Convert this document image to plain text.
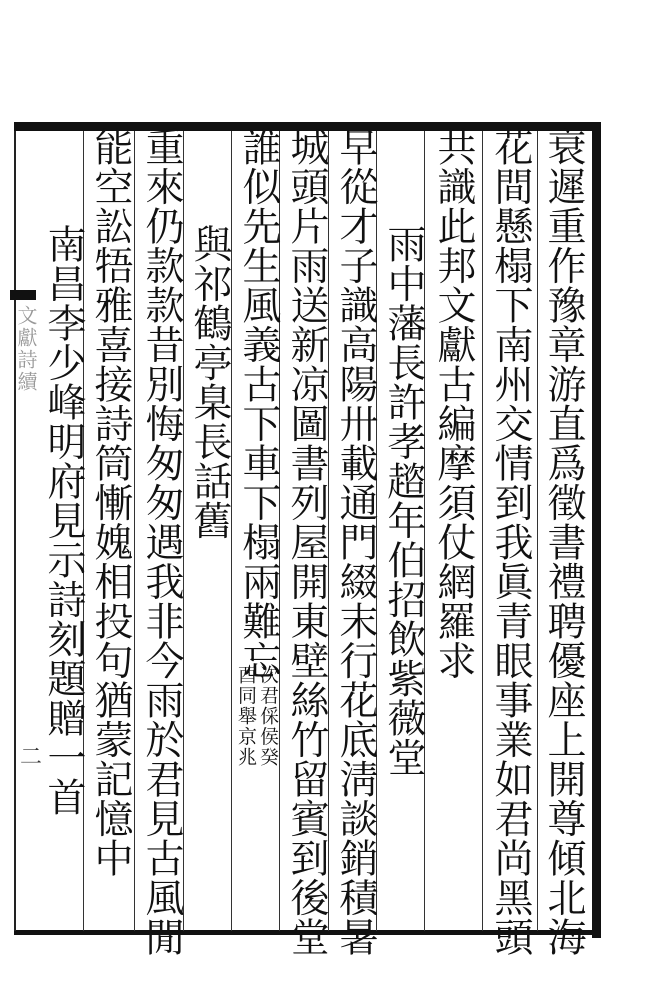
文獻詩續
二	衰遲重作豫章游直爲徵書禮聘優座上開尊傾北海
花間懸榻下南州交情到我眞青眼事業如君尚黑頭
共識此邦文獻古編摩須仗網羅求
雨中藩長許孝趦年伯招飲紫薇堂
早從才子識高陽卅載通門綴末行花底淸談銷積暑
城頭片雨送新凉圖書列屋開東壁絲竹留賓到後堂
誰似先生風義古下車下榻兩難忘
次君倸侯癸
酉同舉京兆
與祁鶴亭臬長話舊
重來仍款款昔別悔匆匆遇我非今雨於君見古風閒
能空訟牾雅喜接詩筒慚媿相投句猶蒙記憶中
南昌李少峰明府見示詩刻題贈一首
